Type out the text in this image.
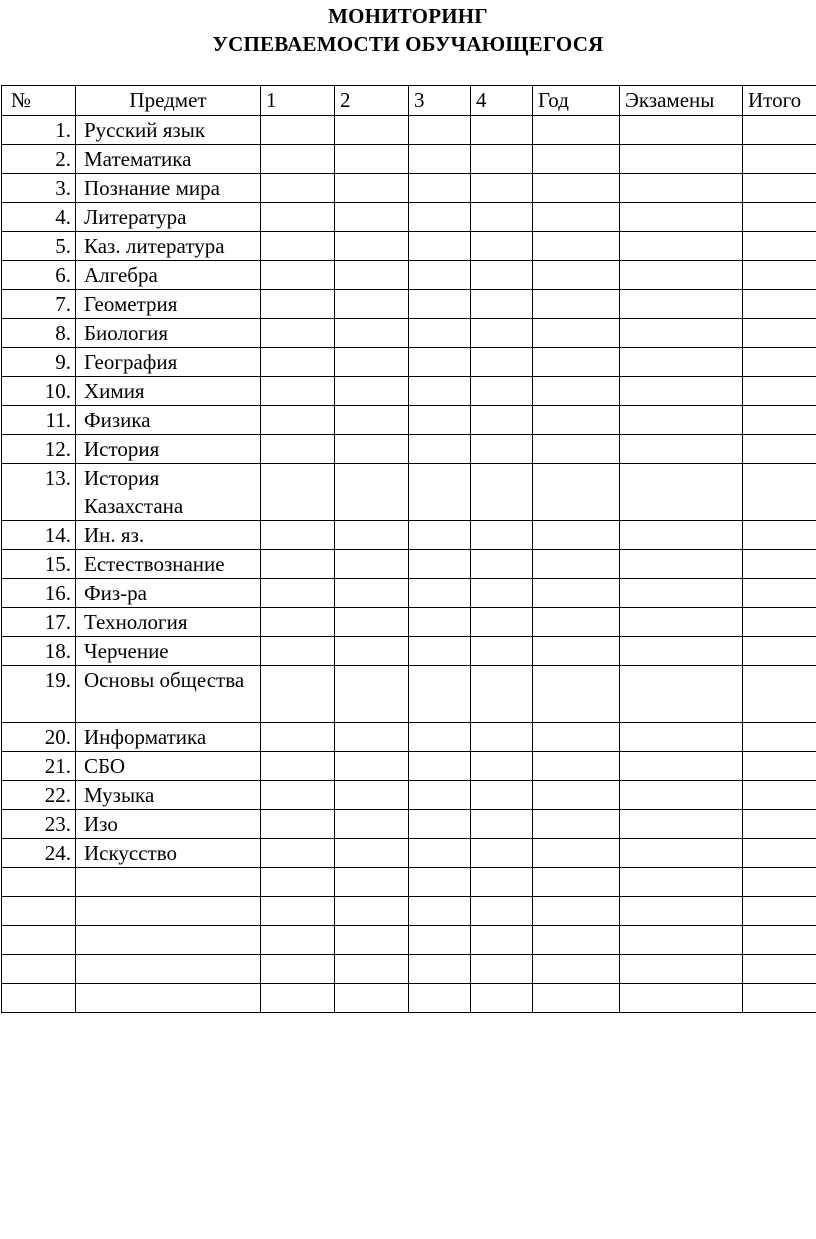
МОНИТОРИНГ
УСПЕВАЕМОСТИ ОБУЧАЮЩЕГОСЯ
№	Предмет	1	2	3	4	Год	Экзамены	Итого
1.	Русский язык							
2.	Математика							
3.	Познание мира							
4.	Литература							
5.	Каз. литература							
6.	Алгебра							
7.	Геометрия							
8.	Биология							
9.	География							
10.	Химия							
11.	Физика							
12.	История							
13.	История Казахстана							
14.	Ин. яз.							
15.	Естествознание							
16.	Физ-ра							
17.	Технология							
18.	Черчение							
19.	Основы общества							
20.	Информатика							
21.	СБО							
22.	Музыка							
23.	Изо							
24.	Искусство							
